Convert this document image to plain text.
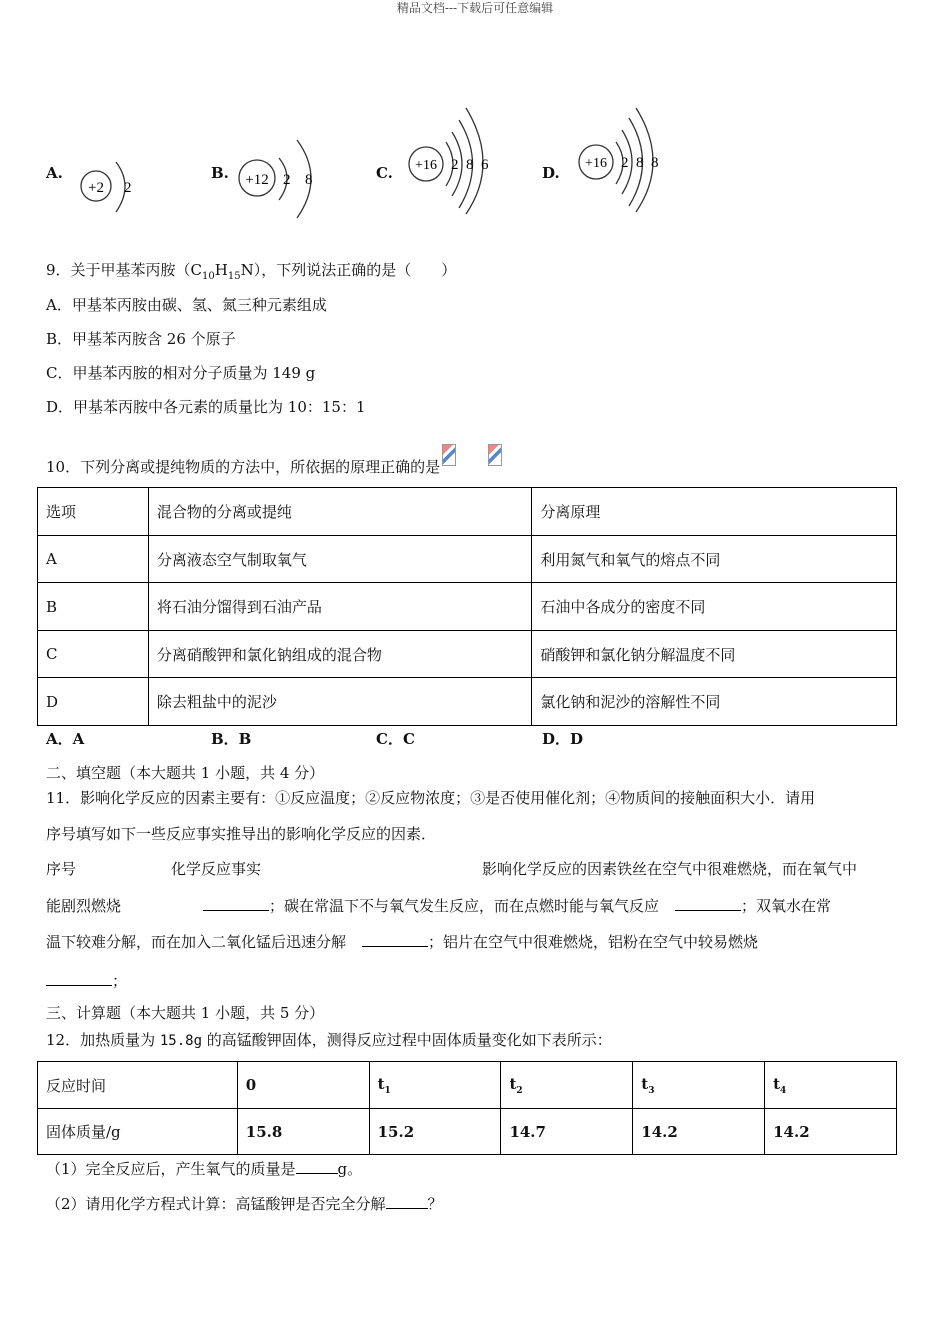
精品文档---下载后可任意编辑
A.
+2 2
B. +12 2 8	C. +16 2 8 6	D.
+16 2 8 8
9．关于甲基苯丙胺$(C_{10}H_{15}N)$，下列说法正确的是（　　）
A．甲基苯丙胺由碳、氢、氮三种元素组成
B．甲基苯丙胺含 26 个原子
C．甲基苯丙胺的相对分子质量为 149 g
D．甲基苯丙胺中各元素的质量比为 10：15：1
10．下列分离或提纯物质的方法中，所依据的原理正确的是
选项	混合物的分离或提纯	分离原理
A	分离液态空气制取氧气	利用氮气和氧气的熔点不同
B	将石油分馏得到石油产品	石油中各成分的密度不同
C	分离硝酸钾和氯化钠组成的混合物	硝酸钾和氯化钠分解温度不同
D	除去粗盐中的泥沙	氯化钠和泥沙的溶解性不同
A．A	B．B	C．C	D．D
二、填空题（本大题共 1 小题，共 4 分）
11．影响化学反应的因素主要有：①反应温度；②反应物浓度；③是否使用催化剂；④物质间的接触面积大小．请用
序号填写如下一些反应事实推导出的影响化学反应的因素．
序号	化学反应事实	影响化学反应的因素铁丝在空气中很难燃烧，而在氧气中
能剧烈燃烧	；碳在常温下不与氧气发生反应，而在点燃时能与氧气反应	；双氧水在常
温下较难分解，而在加入二氧化锰后迅速分解	；铝片在空气中很难燃烧，铝粉在空气中较易燃烧
；
三、计算题（本大题共 1 小题，共 5 分）
12．加热质量为 15.8g 的高锰酸钾固体，测得反应过程中固体质量变化如下表所示：
反应时间	0	$t_1$	$t_2$	$t_3$	$t_4$
固体质量/g	15.8	15.2	14.7	14.2	14.2
（1）完全反应后，产生氧气的质量是	g。
（2）请用化学方程式计算：高锰酸钾是否完全分解	？
